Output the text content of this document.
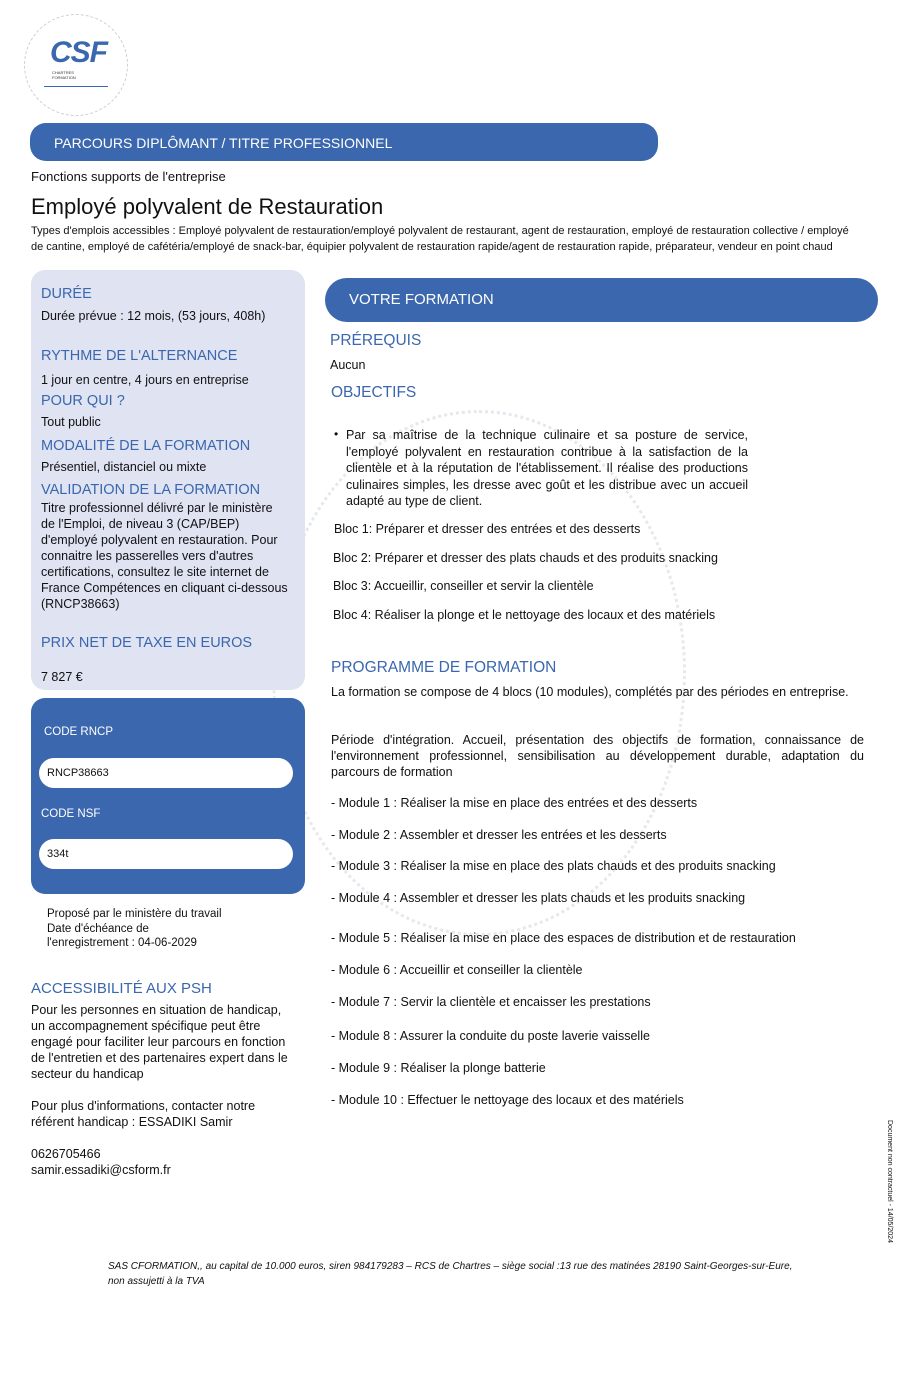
CSF
CHARTRES
FORMATION
PARCOURS DIPLÔMANT / TITRE PROFESSIONNEL
Fonctions supports de l'entreprise
Employé polyvalent de Restauration
Types d'emplois accessibles : Employé polyvalent de restauration/employé polyvalent de restaurant, agent de restauration, employé de restauration collective / employé de cantine, employé de cafétéria/employé de snack-bar, équipier polyvalent de restauration rapide/agent de restauration rapide, préparateur, vendeur en point chaud
DURÉE
Durée prévue : 12 mois, (53 jours, 408h)
RYTHME DE L'ALTERNANCE
1 jour en centre, 4 jours en entreprise
POUR QUI ?
Tout public
MODALITÉ DE LA FORMATION
Présentiel, distanciel ou mixte
VALIDATION DE LA FORMATION
Titre professionnel délivré par le ministère de l'Emploi, de niveau 3 (CAP/BEP) d'employé polyvalent en restauration. Pour connaitre les passerelles vers d'autres certifications, consultez le site internet de France Compétences en cliquant ci-dessous (RNCP38663)
PRIX NET DE TAXE EN EUROS
7 827 €
CODE RNCP
RNCP38663
CODE NSF
334t
Proposé par le ministère du travail
Date d'échéance de
l'enregistrement : 04-06-2029
ACCESSIBILITÉ AUX PSH
Pour les personnes en situation de handicap, un accompagnement spécifique peut être engagé pour faciliter leur parcours en fonction de l'entretien et des partenaires expert dans le secteur du handicap
Pour plus d'informations, contacter notre référent handicap : ESSADIKI Samir
0626705466
samir.essadiki@csform.fr
VOTRE FORMATION
PRÉREQUIS
Aucun
OBJECTIFS
• Par sa maîtrise de la technique culinaire et sa posture de service, l'employé polyvalent en restauration contribue à la satisfaction de la clientèle et à la réputation de l'établissement. Il réalise des productions culinaires simples, les dresse avec goût et les distribue avec un accueil adapté au type de client.
Bloc 1: Préparer et dresser des entrées et des desserts
Bloc 2: Préparer et dresser des plats chauds et des produits snacking
Bloc 3: Accueillir, conseiller et servir la clientèle
Bloc 4: Réaliser la plonge et le nettoyage des locaux et des matériels
PROGRAMME DE FORMATION
La formation se compose de 4 blocs (10 modules), complétés par des périodes en entreprise.
Période d'intégration. Accueil, présentation des objectifs de formation, connaissance de l'environnement professionnel, sensibilisation au développement durable, adaptation du parcours de formation
- Module 1 : Réaliser la mise en place des entrées et des desserts
- Module 2 : Assembler et dresser les entrées et les desserts
- Module 3 : Réaliser la mise en place des plats chauds et des produits snacking
- Module 4 : Assembler et dresser les plats chauds et les produits snacking
- Module 5 : Réaliser la mise en place des espaces de distribution et de restauration
- Module 6 : Accueillir et conseiller la clientèle
- Module 7 : Servir la clientèle et encaisser les prestations
- Module 8 : Assurer la conduite du poste laverie vaisselle
- Module 9 : Réaliser la plonge batterie
- Module 10 : Effectuer le nettoyage des locaux et des matériels
SAS CFORMATION,, au capital de 10.000 euros, siren 984179283 – RCS de Chartres – siège social :13 rue des matinées 28190 Saint-Georges-sur-Eure, non assujetti à la TVA
Document non contractuel - 14/05/2024
